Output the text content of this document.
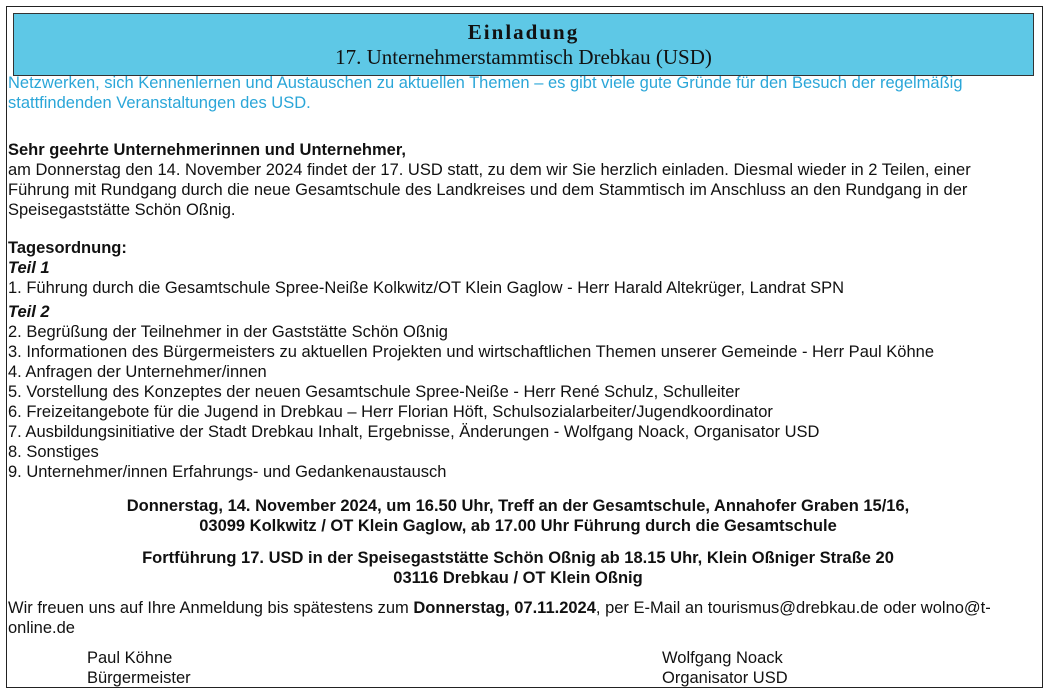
Einladung
17. Unternehmerstammtisch Drebkau (USD)
Netzwerken, sich Kennenlernen und Austauschen zu aktuellen Themen – es gibt viele gute Gründe für den Besuch der regelmäßig stattfindenden Veranstaltungen des USD.

Sehr geehrte Unternehmerinnen und Unternehmer,

am Donnerstag den 14. November 2024 findet der 17. USD statt, zu dem wir Sie herzlich einladen. Diesmal wieder in 2 Teilen, einer Führung mit Rundgang durch die neue Gesamtschule des Landkreises und dem Stammtisch im Anschluss an den Rundgang in der Speisegaststätte Schön Oßnig.

Tagesordnung:

Teil 1

1. Führung durch die Gesamtschule Spree-Neiße Kolkwitz/OT Klein Gaglow - Herr Harald Altekrüger, Landrat SPN

Teil 2

2. Begrüßung der Teilnehmer in der Gaststätte Schön Oßnig

3. Informationen des Bürgermeisters zu aktuellen Projekten und wirtschaftlichen Themen unserer Gemeinde - Herr Paul Köhne

4. Anfragen der Unternehmer/innen

5. Vorstellung des Konzeptes der neuen Gesamtschule Spree-Neiße - Herr René Schulz, Schulleiter

6. Freizeitangebote für die Jugend in Drebkau – Herr Florian Höft, Schulsozialarbeiter/Jugendkoordinator

7. Ausbildungsinitiative der Stadt Drebkau Inhalt, Ergebnisse, Änderungen - Wolfgang Noack, Organisator USD

8. Sonstiges

9. Unternehmer/innen Erfahrungs- und Gedankenaustausch

Donnerstag, 14. November 2024, um 16.50 Uhr, Treff an der Gesamtschule, Annahofer Graben 15/16,

03099 Kolkwitz / OT Klein Gaglow, ab 17.00 Uhr Führung durch die Gesamtschule

Fortführung 17. USD in der Speisegaststätte Schön Oßnig ab 18.15 Uhr, Klein Oßniger Straße 20

03116 Drebkau / OT Klein Oßnig

Wir freuen uns auf Ihre Anmeldung bis spätestens zum Donnerstag, 07.11.2024, per E-Mail an tourismus@drebkau.de oder wolno@t-online.de

Paul Köhne

Bürgermeister

Wolfgang Noack

Organisator USD
